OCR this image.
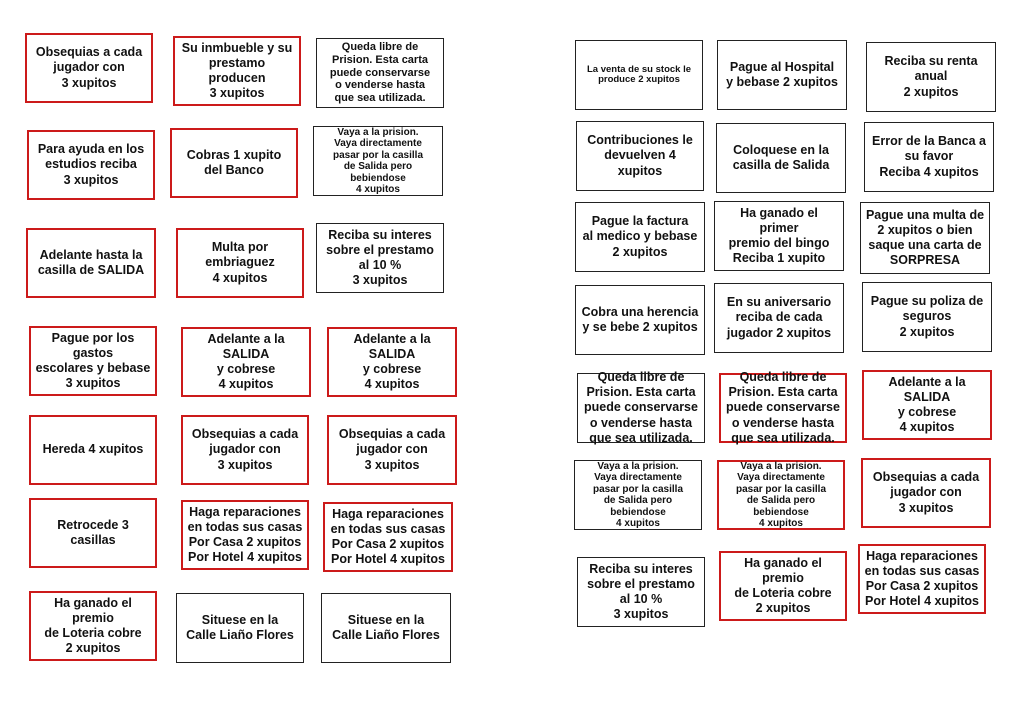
Obsequias a cada
jugador con
3 xupitos
Su inmbueble y su
prestamo producen
3 xupitos
Queda libre de
Prision. Esta carta
puede conservarse
o venderse hasta
que sea utilizada.
Para ayuda en los
estudios reciba
3 xupitos
Cobras 1 xupito
del Banco
Vaya a la prision.
Vaya directamente
pasar por la casilla
de Salida pero
bebiendose
4 xupitos
Adelante hasta la
casilla de SALIDA
Multa por embriaguez
4 xupitos
Reciba su interes
sobre el prestamo
al 10 %
3 xupitos
Pague por los gastos
escolares y bebase
3 xupitos
Adelante a la SALIDA
y cobrese
4 xupitos
Adelante a la SALIDA
y cobrese
4 xupitos
Hereda 4 xupitos
Obsequias a cada
jugador con
3 xupitos
Obsequias a cada
jugador con
3 xupitos
Retrocede 3 casillas
Haga reparaciones
en todas sus casas
Por Casa 2 xupitos
Por Hotel 4 xupitos
Haga reparaciones
en todas sus casas
Por Casa 2 xupitos
Por Hotel 4 xupitos
Ha ganado el premio
de Loteria cobre
2 xupitos
Situese en la
Calle Liaño Flores
Situese en la
Calle Liaño Flores
La venta de su stock le
produce 2 xupitos
Pague al Hospital
y bebase 2 xupitos
Reciba su renta anual
2 xupitos
Contribuciones le
devuelven 4 xupitos
Coloquese en la
casilla de Salida
Error de la Banca a
su favor
Reciba 4 xupitos
Pague la factura
al medico y bebase
2 xupitos
Ha ganado el primer
premio del bingo
Reciba 1 xupito
Pague una multa de
2 xupitos o bien
saque una carta de
SORPRESA
Cobra una herencia
y se bebe 2 xupitos
En su aniversario
reciba de cada
jugador 2 xupitos
Pague su poliza de
seguros
2 xupitos
Queda libre de
Prision. Esta carta
puede conservarse
o venderse hasta
que sea utilizada.
Queda libre de
Prision. Esta carta
puede conservarse
o venderse hasta
que sea utilizada.
Adelante a la SALIDA
y cobrese
4 xupitos
Vaya a la prision.
Vaya directamente
pasar por la casilla
de Salida pero
bebiendose
4 xupitos
Vaya a la prision.
Vaya directamente
pasar por la casilla
de Salida pero
bebiendose
4 xupitos
Obsequias a cada
jugador con
3 xupitos
Reciba su interes
sobre el prestamo
al 10 %
3 xupitos
Ha ganado el premio
de Loteria cobre
2 xupitos
Haga reparaciones
en todas sus casas
Por Casa 2 xupitos
Por Hotel 4 xupitos
